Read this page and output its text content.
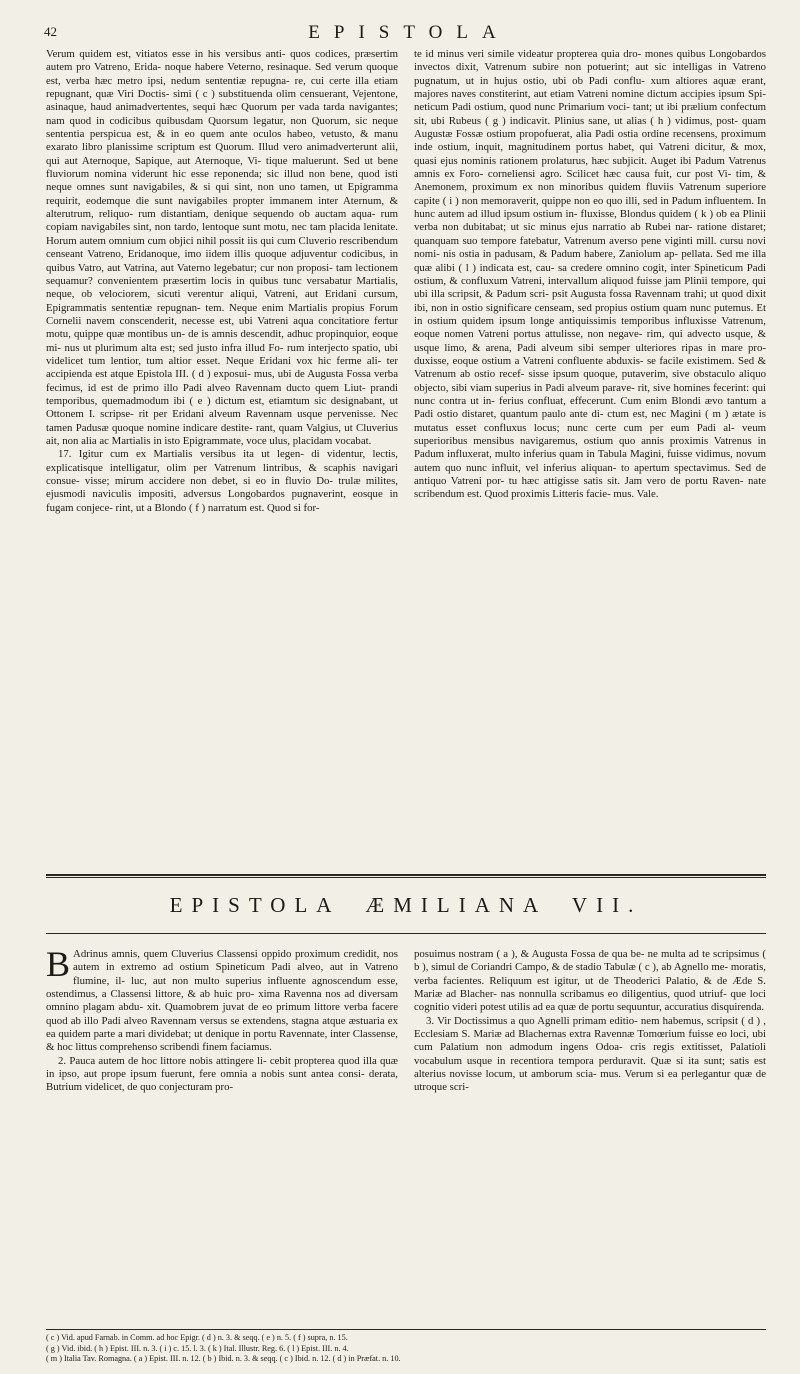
42	EPISTOLA

Verum quidem est, vitiatos esse in his versibus anti- quos codices, præsertim autem pro Vatreno, Erida- noque habere Veterno, resinaque. Sed verum quoque est, verba hæc metro ipsi, nedum sententiæ repugna- re, cui certe illa etiam repugnant, quæ Viri Doctis- simi ( c ) substituenda olim censuerant, Vejentone, asinaque, haud animadvertentes, sequi hæc Quorum per vada tarda navigantes; nam quod in codicibus quibusdam Quorsum legatur, non Quorum, sic neque sententia perspicua est, & in eo quem ante oculos habeo, vetusto, & manu exarato libro planissime scriptum est Quorum. Illud vero animadverterunt alii, qui aut Aternoque, Sapique, aut Aternoque, Vi- tique maluerunt. Sed ut bene fluviorum nomina viderunt hic esse reponenda; sic illud non bene, quod isti neque omnes sunt navigabiles, & si qui sint, non uno tamen, ut Epigramma requirit, eodemque die sunt navigabiles propter immanem inter Aternum, & alterutrum, reliquo- rum distantiam, denique sequendo ob auctam aqua- rum copiam navigabiles sint, non tardo, lentoque sunt motu, nec tam placida lenitate. Horum autem omnium cum objici nihil possit iis qui cum Cluverio rescribendum censeant Vatreno, Eridanoque, imo iidem illis quoque adjuventur codicibus, in quibus Vatro, aut Vatrina, aut Vaterno legebatur; cur non proposi- tam lectionem sequamur? convenientem præsertim locis in quibus tunc versabatur Martialis, neque, ob velociorem, sicuti verentur aliqui, Vatreni, aut Eridani cursum, Epigrammatis sententiæ repugnan- tem. Neque enim Martialis propius Forum Cornelii navem conscenderit, necesse est, ubi Vatreni aqua concitatiore fertur motu, quippe quæ montibus un- de is amnis descendit, adhuc propinquior, eoque mi- nus ut plurimum alta est; sed justo infra illud Fo- rum interjecto spatio, ubi videlicet tum lentior, tum altior esset. Neque Eridani vox hic ferme ali- ter accipienda est atque Epistola III. ( d ) exposui- mus, ubi de Augusta Fossa verba fecimus, id est de primo illo Padi alveo Ravennam ducto quem Liut- prandi temporibus, quemadmodum ibi ( e ) dictum est, etiamtum sic designabant, ut Ottonem I. scripse- rit per Eridani alveum Ravennam usque pervenisse. Nec tamen Padusæ quoque nomine indicare destite- rant, quam Valgius, ut Cluverius ait, non alia ac Martialis in isto Epigrammate, voce ulus, placidam vocabat.

17. Igitur cum ex Martialis versibus ita ut legen- di videntur, lectis, explicatisque intelligatur, olim per Vatrenum lintribus, & scaphis navigari consue- visse; mirum accidere non debet, si eo in fluvio Do- trulæ milites, ejusmodi naviculis impositi, adversus Longobardos pugnaverint, eosque in fugam conjece- rint, ut a Blondo ( f ) narratum est. Quod si for-

te id minus veri simile videatur propterea quia dro- mones quibus Longobardos invectos dixit, Vatrenum subire non potuerint; aut sic intelligas in Vatreno pugnatum, ut in hujus ostio, ubi ob Padi conflu- xum altiores aquæ erant, majores naves constiterint, aut etiam Vatreni nomine dictum accipies ipsum Spi- neticum Padi ostium, quod nunc Primarium voci- tant; ut ibi prælium confectum sit, ubi Rubeus ( g ) indicavit. Plinius sane, ut alias ( h ) vidimus, post- quam Augustæ Fossæ ostium propofuerat, alia Padi ostia ordine recensens, proximum inde ostium, inquit, magnitudinem portus habet, qui Vatreni dicitur, & mox, quasi ejus nominis rationem prolaturus, hæc subjicit. Auget ibi Padum Vatrenus amnis ex Foro- corneliensi agro. Scilicet hæc causa fuit, cur post Vi- tim, & Anemonem, proximum ex non minoribus quidem fluviis Vatrenum superiore capite ( i ) non memoraverit, quippe non eo quo illi, sed in Padum influentem. In hunc autem ad illud ipsum ostium in- fluxisse, Blondus quidem ( k ) ob ea Plinii verba non dubitabat; ut sic minus ejus narratio ab Rubei nar- ratione distaret; quanquam suo tempore fatebatur, Vatrenum averso pene viginti mill. cursu novi nomi- nis ostia in padusam, & Padum habere, Zaniolum ap- pellata. Sed me illa quæ alibi ( l ) indicata est, cau- sa credere omnino cogit, inter Spineticum Padi ostium, & confluxum Vatreni, intervallum aliquod fuisse jam Plinii tempore, qui ubi illa scripsit, & Padum scri- psit Augusta fossa Ravennam trahi; ut quod dixit ibi, non in ostio significare censeam, sed propius ostium quam nunc putemus. Et in ostium quidem ipsum longe antiquissimis temporibus influxisse Vatrenum, eoque nomen Vatreni portus attulisse, non negave- rim, qui advecto usque, & usque limo, & arena, Padi alveum sibi semper ulteriores ripas in mare pro- duxisse, eoque ostium a Vatreni confluente abduxis- se facile existimem. Sed & Vatrenum ab ostio recef- sisse ipsum quoque, putaverim, sive obstaculo aliquo objecto, sibi viam superius in Padi alveum parave- rit, sive homines fecerint: qui nunc contra ut in- ferius confluat, effecerunt. Cum enim Blondi ævo tantum a Padi ostio distaret, quantum paulo ante di- ctum est, nec Magini ( m ) ætate is mutatus esset confluxus locus; nunc certe cum per eum Padi al- veum superioribus mensibus navigaremus, ostium quo annis proximis Vatrenus in Padum influxerat, multo inferius quam in Tabula Magini, fuisse vidimus, novum autem quo nunc influit, vel inferius aliquan- to apertum spectavimus. Sed de antiquo Vatreni por- tu hæc attigisse satis sit. Jam vero de portu Raven- nate scribendum est. Quod proximis Litteris facie- mus. Vale.

EPISTOLA ÆMILIANA VII.

B Adrinus amnis, quem Cluverius Classensi oppido proximum credidit, nos autem in extremo ad ostium Spineticum Padi alveo, aut in Vatreno flumine, il- luc, aut non multo superius influente agnoscendum esse, ostendimus, a Classensi littore, & ab huic pro- xima Ravenna nos ad diversam omnino plagam abdu- xit. Quamobrem juvat de eo primum littore verba facere quod ab illo Padi alveo Ravennam versus se extendens, stagna atque æstuaria ex ea quidem parte a mari dividebat; ut denique in portu Ravennate, inter Classense, & hoc littus comprehenso scribendi finem faciamus.

2. Pauca autem de hoc littore nobis attingere li- cebit propterea quod illa quæ in ipso, aut prope ipsum fuerunt, fere omnia a nobis sunt antea consi- derata, Butrium videlicet, de quo conjecturam pro-

posuimus nostram ( a ), & Augusta Fossa de qua be- ne multa ad te scripsimus ( b ), simul de Coriandri Campo, & de stadio Tabulæ ( c ), ab Agnello me- moratis, verba facientes. Reliquum est igitur, ut de Theoderici Palatio, & de Æde S. Mariæ ad Blacher- nas nonnulla scribamus eo diligentius, quod utriuf- que loci cognitio videri potest utilis ad ea quæ de portu sequuntur, accuratius disquirenda.

3. Vir Doctissimus a quo Agnelli primam editio- nem habemus, scripsit ( d ) , Ecclesiam S. Mariæ ad Blachernas extra Ravennæ Tomœrium fuisse eo loci, ubi cum Palatium non admodum ingens Odoa- cris regis extitisset, Palatioli vocabulum usque in recentiora tempora perduravit. Quæ si ita sunt; satis est alterius novisse locum, ut amborum scia- mus. Verum si ea perlegantur quæ de utroque scri-

( c ) Vid. apud Farnab. in Comm. ad hoc Epigr. ( d ) n. 3. & seqq. ( e ) n. 5. ( f ) supra, n. 15.
( g ) Vid. ibid. ( h ) Epist. III. n. 3. ( i ) c. 15. l. 3. ( k ) Ital. Illustr. Reg. 6. ( l ) Epist. III. n. 4.
( m ) Italia Tav. Romagna. ( a ) Epist. III. n. 12. ( b ) Ibid. n. 3. & seqq. ( c ) Ibid. n. 12. ( d ) in Præfat. n. 10.
